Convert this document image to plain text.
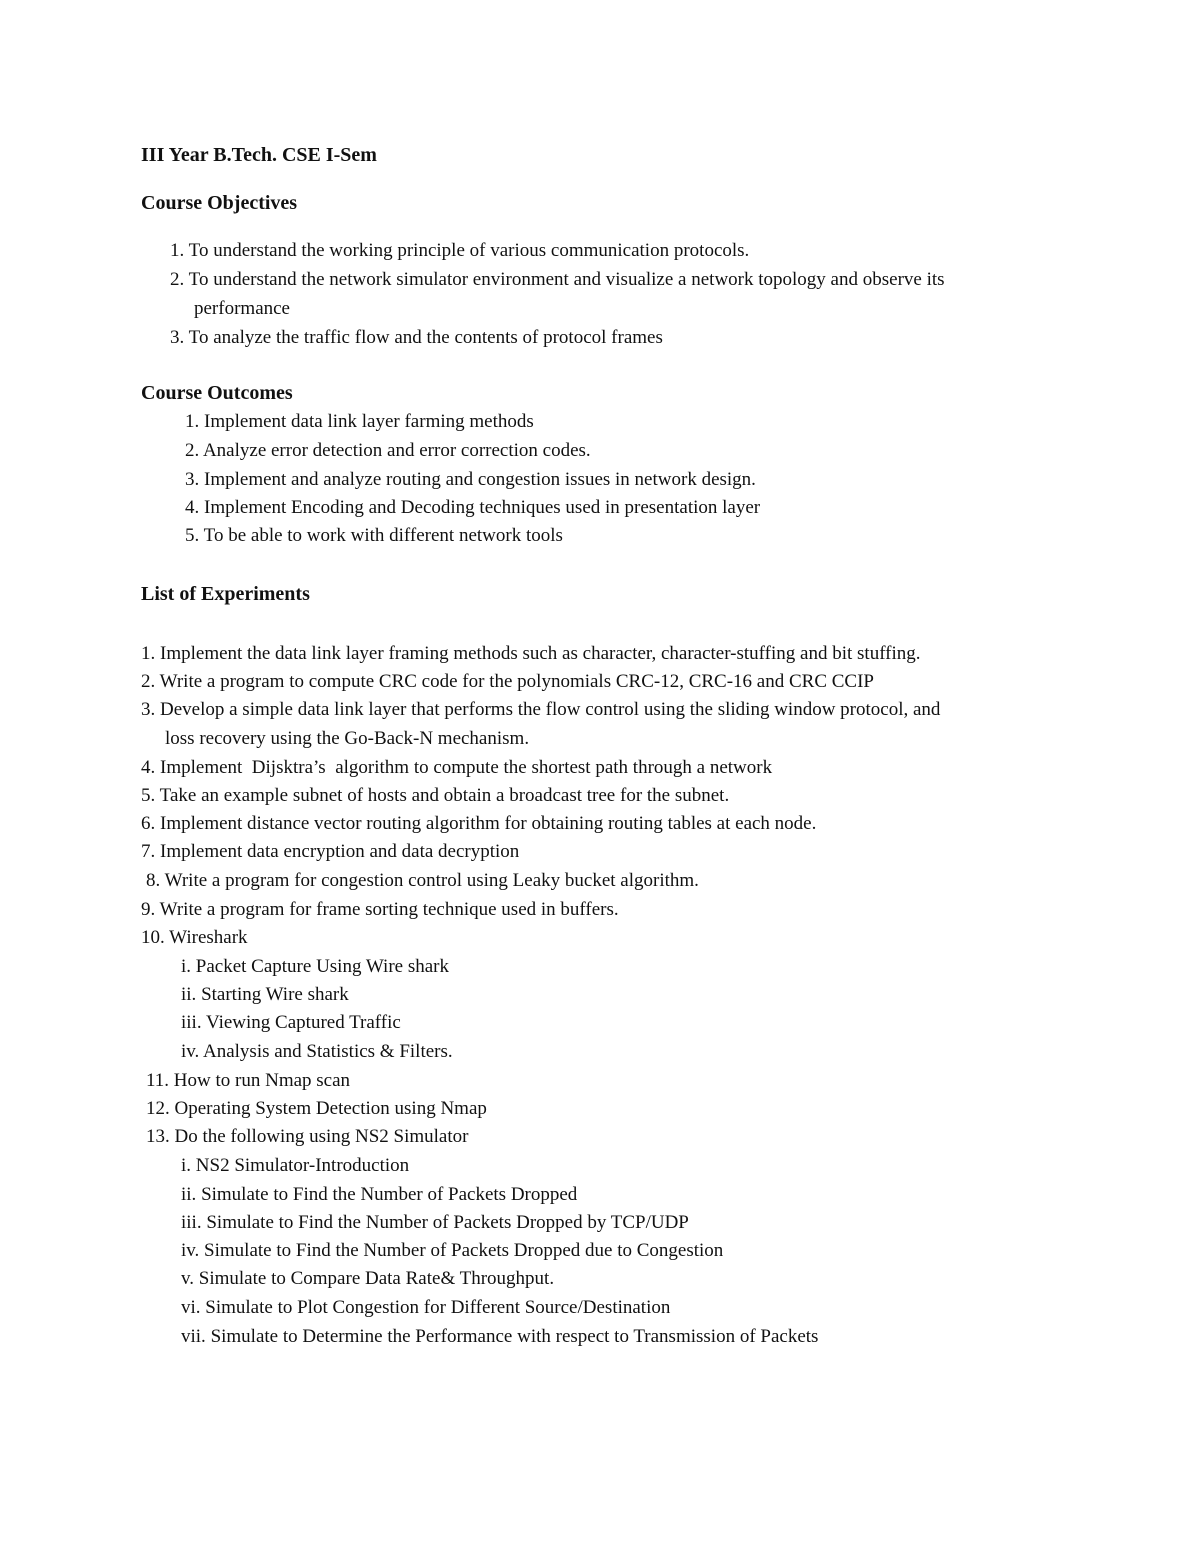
III Year B.Tech. CSE I-Sem
Course Objectives
1. To understand the working principle of various communication protocols.
2. To understand the network simulator environment and visualize a network topology and observe its
performance
3. To analyze the traffic flow and the contents of protocol frames
Course Outcomes
1. Implement data link layer farming methods
2. Analyze error detection and error correction codes.
3. Implement and analyze routing and congestion issues in network design.
4. Implement Encoding and Decoding techniques used in presentation layer
5. To be able to work with different network tools
List of Experiments
1. Implement the data link layer framing methods such as character, character-stuffing and bit stuffing.
2. Write a program to compute CRC code for the polynomials CRC-12, CRC-16 and CRC CCIP
3. Develop a simple data link layer that performs the flow control using the sliding window protocol, and
loss recovery using the Go-Back-N mechanism.
4. Implement  Dijsktra’s  algorithm to compute the shortest path through a network
5. Take an example subnet of hosts and obtain a broadcast tree for the subnet.
6. Implement distance vector routing algorithm for obtaining routing tables at each node.
7. Implement data encryption and data decryption
8. Write a program for congestion control using Leaky bucket algorithm.
9. Write a program for frame sorting technique used in buffers.
10. Wireshark
i. Packet Capture Using Wire shark
ii. Starting Wire shark
iii. Viewing Captured Traffic
iv. Analysis and Statistics & Filters.
11. How to run Nmap scan
12. Operating System Detection using Nmap
13. Do the following using NS2 Simulator
i. NS2 Simulator-Introduction
ii. Simulate to Find the Number of Packets Dropped
iii. Simulate to Find the Number of Packets Dropped by TCP/UDP
iv. Simulate to Find the Number of Packets Dropped due to Congestion
v. Simulate to Compare Data Rate& Throughput.
vi. Simulate to Plot Congestion for Different Source/Destination
vii. Simulate to Determine the Performance with respect to Transmission of Packets
